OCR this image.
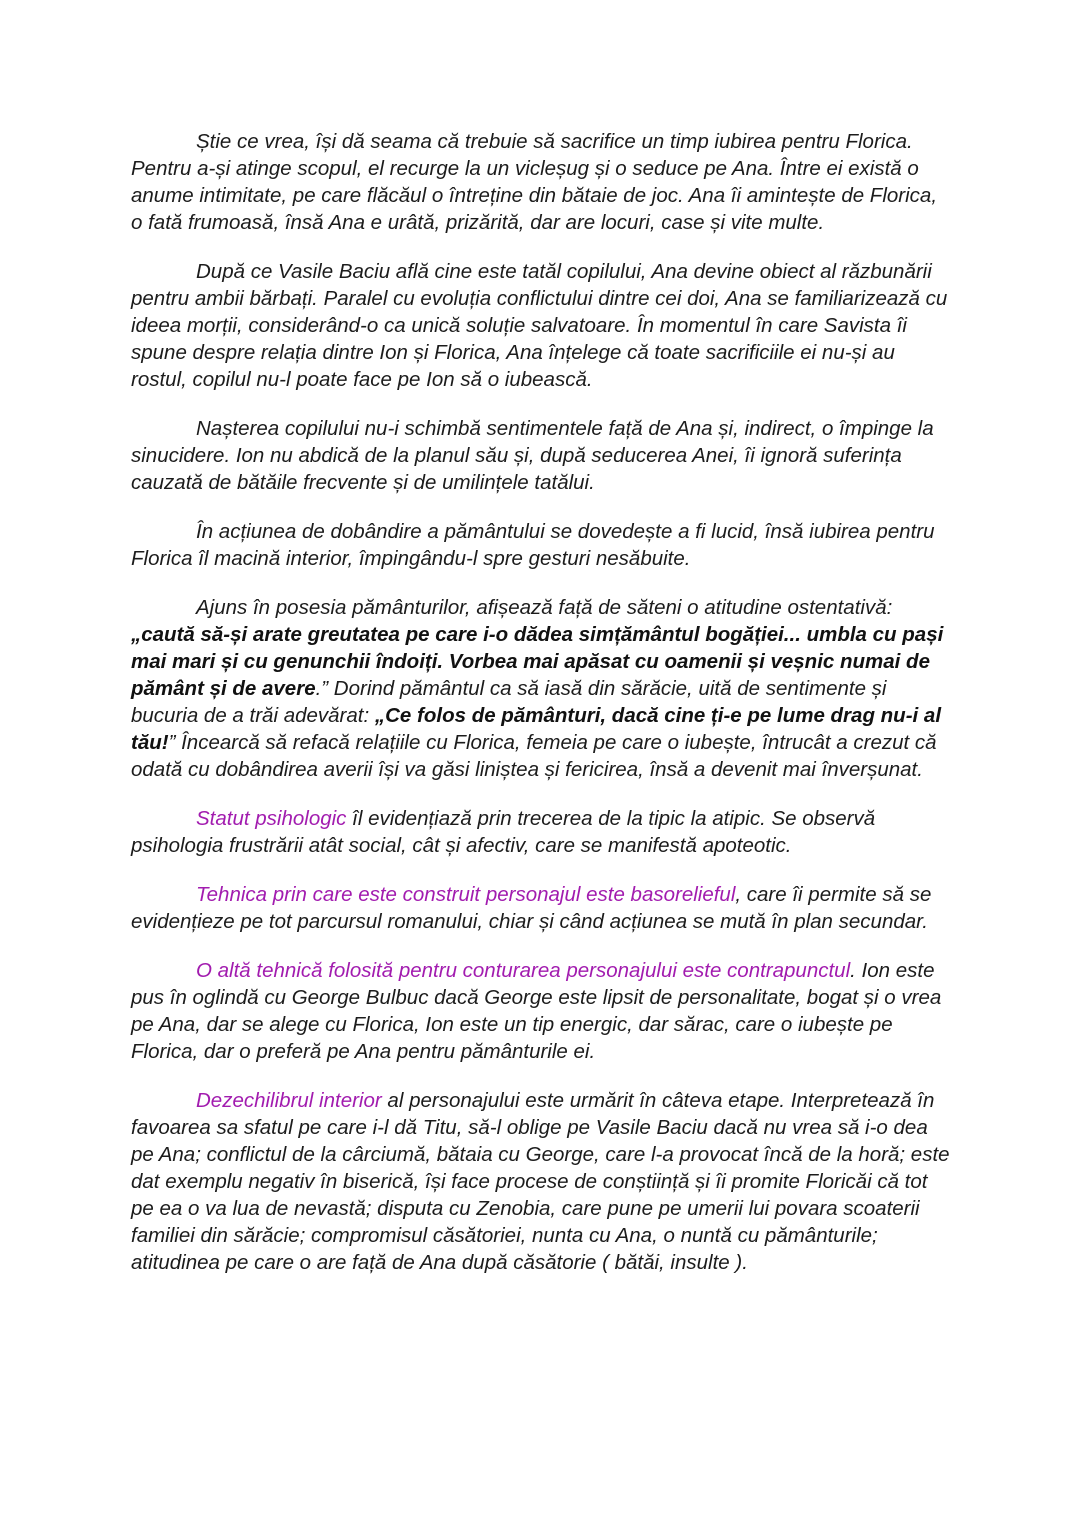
Știe ce vrea, își dă seama că trebuie să sacrifice un timp iubirea pentru Florica. Pentru a-și atinge scopul, el recurge la un vicleșug și o seduce pe Ana. Între ei există o anume intimitate, pe care flăcăul o întreține din bătaie de joc. Ana îi amintește de Florica, o fată frumoasă, însă Ana e urâtă, prizărită, dar are locuri, case și vite multe.

După ce Vasile Baciu află cine este tatăl copilului, Ana devine obiect al răzbunării pentru ambii bărbați. Paralel cu evoluția conflictului dintre cei doi, Ana se familiarizează cu ideea morții, considerând-o ca unică soluție salvatoare. În momentul în care Savista îi spune despre relația dintre Ion și Florica, Ana înțelege că toate sacrificiile ei nu-și au rostul, copilul nu-l poate face pe Ion să o iubească.

Nașterea copilului nu-i schimbă sentimentele față de Ana și, indirect, o împinge la sinucidere. Ion nu abdică de la planul său și, după seducerea Anei, îi ignoră suferința cauzată de bătăile frecvente și de umilințele tatălui.

În acțiunea de dobândire a pământului se dovedește a fi lucid, însă iubirea pentru Florica îl macină interior, împingându-l spre gesturi nesăbuite.

Ajuns în posesia pământurilor, afișează față de săteni o atitudine ostentativă: „caută să-și arate greutatea pe care i-o dădea simțământul bogăției... umbla cu pași mai mari și cu genunchii îndoiți. Vorbea mai apăsat cu oamenii și veșnic numai de pământ și de avere.” Dorind pământul ca să iasă din sărăcie, uită de sentimente și bucuria de a trăi adevărat: „Ce folos de pământuri, dacă cine ți-e pe lume drag nu-i al tău!” Încearcă să refacă relațiile cu Florica, femeia pe care o iubește, întrucât a crezut că odată cu dobândirea averii își va găsi liniștea și fericirea, însă a devenit mai înverșunat.

Statut psihologic îl evidențiază prin trecerea de la tipic la atipic. Se observă psihologia frustrării atât social, cât și afectiv, care se manifestă apoteotic.

Tehnica prin care este construit personajul este basorelieful, care îi permite să se evidențieze pe tot parcursul romanului, chiar și când acțiunea se mută în plan secundar.

O altă tehnică folosită pentru conturarea personajului este contrapunctul. Ion este pus în oglindă cu George Bulbuc dacă George este lipsit de personalitate, bogat și o vrea pe Ana, dar se alege cu Florica, Ion este un tip energic, dar sărac, care o iubește pe Florica, dar o preferă pe Ana pentru pământurile ei.

Dezechilibrul interior al personajului este urmărit în câteva etape. Interpretează în favoarea sa sfatul pe care i-l dă Titu, să-l oblige pe Vasile Baciu dacă nu vrea să i-o dea pe Ana; conflictul de la cârciumă, bătaia cu George, care l-a provocat încă de la horă; este dat exemplu negativ în biserică, își face procese de conștiință și îi promite Floricăi că tot pe ea o va lua de nevastă; disputa cu Zenobia, care pune pe umerii lui povara scoaterii familiei din sărăcie; compromisul căsătoriei, nunta cu Ana, o nuntă cu pământurile; atitudinea pe care o are față de Ana după căsătorie ( bătăi, insulte ).
